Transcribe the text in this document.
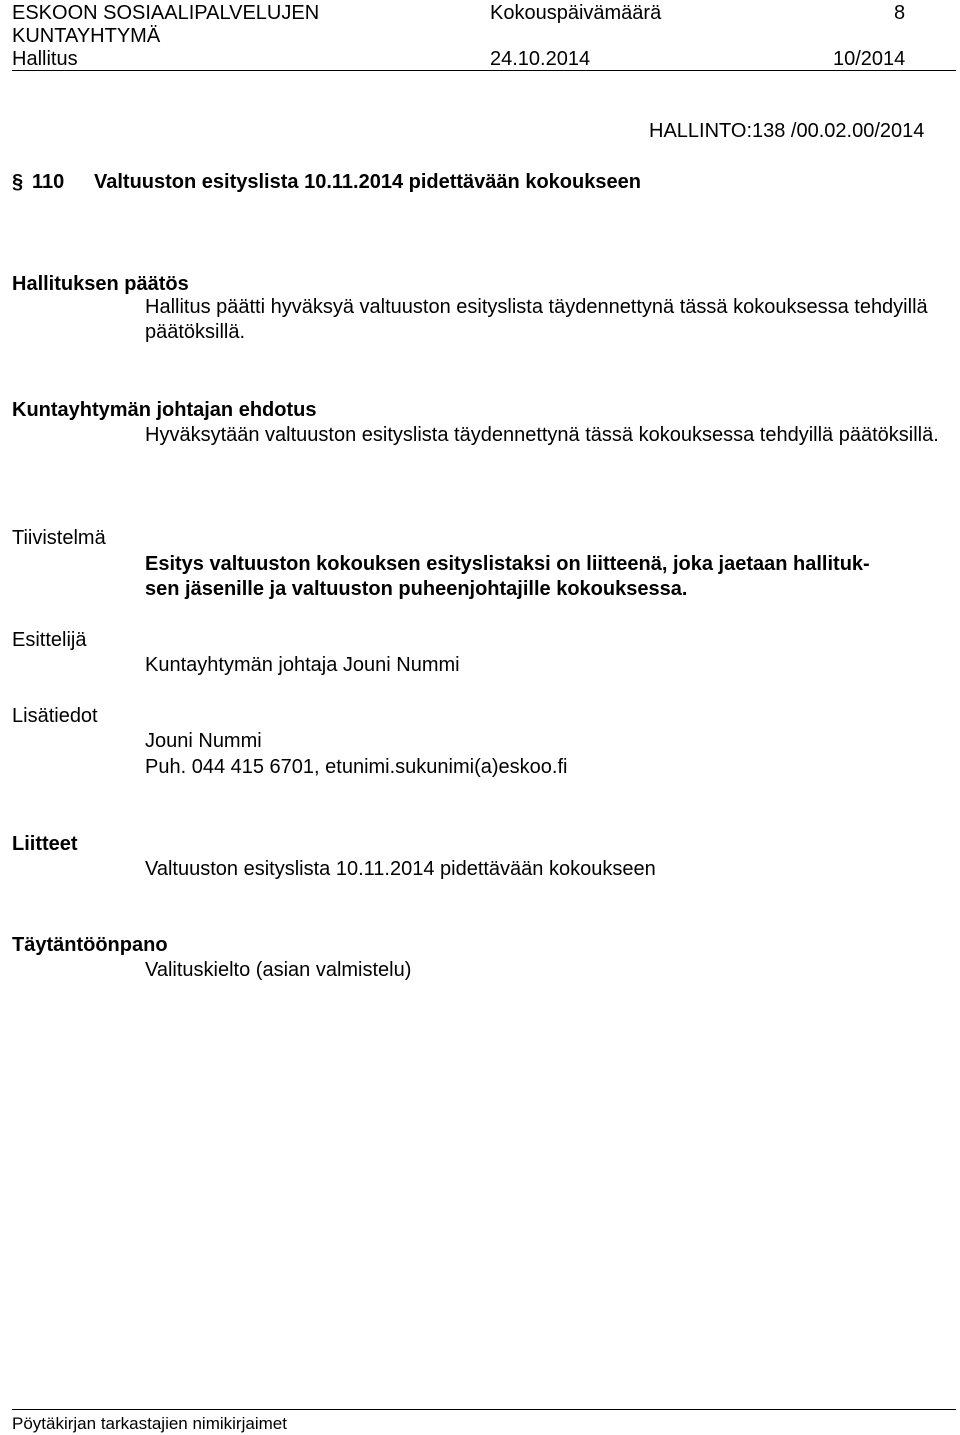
ESKOON SOSIAALIPALVELUJEN
KUNTAYHTYMÄ
Hallitus
Kokouspäivämäärä
24.10.2014
8
10/2014
HALLINTO:138 /00.02.00/2014
§ 110 Valtuuston esityslista 10.11.2014 pidettävään kokoukseen
Hallituksen päätös
Hallitus päätti hyväksyä valtuuston esityslista täydennettynä tässä kokouksessa tehdyillä päätöksillä.
Kuntayhtymän johtajan ehdotus
Hyväksytään valtuuston esityslista täydennettynä tässä kokouksessa tehdyillä päätöksillä.
Tiivistelmä
Esitys valtuuston kokouksen esityslistaksi on liitteenä, joka jaetaan hallituk-
sen jäsenille ja valtuuston puheenjohtajille kokouksessa.
Esittelijä
Kuntayhtymän johtaja Jouni Nummi
Lisätiedot
Jouni Nummi
Puh. 044 415 6701, etunimi.sukunimi(a)eskoo.fi
Liitteet
Valtuuston esityslista 10.11.2014 pidettävään kokoukseen
Täytäntöönpano
Valituskielto (asian valmistelu)
Pöytäkirjan tarkastajien nimikirjaimet
